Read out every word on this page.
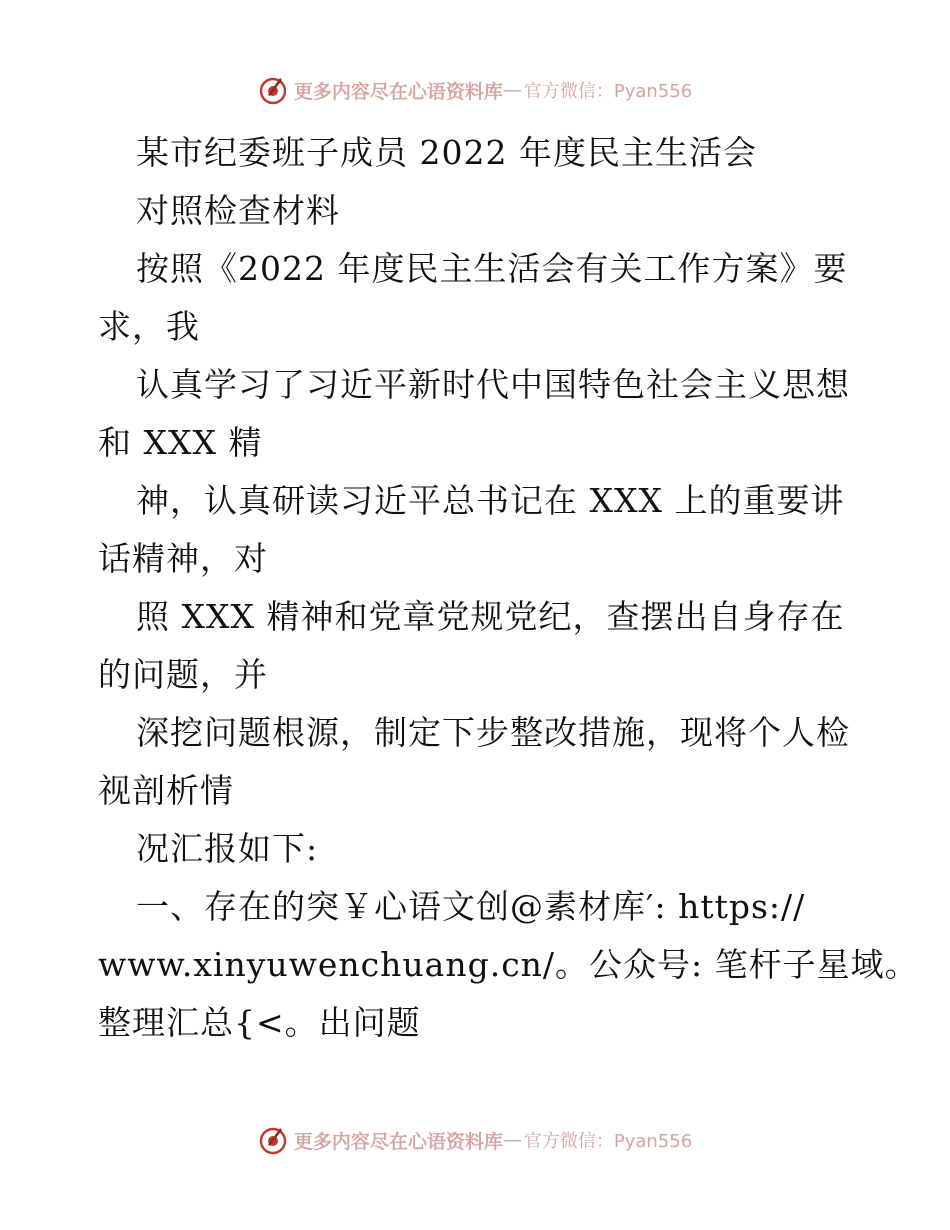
更多内容尽在心语资料库 — 官方微信：Pyan556
某市纪委班子成员 2022 年度民主生活会
对照检查材料
按照《2022 年度民主生活会有关工作方案》要
求，我
认真学习了习近平新时代中国特色社会主义思想
和 XXX 精
神，认真研读习近平总书记在 XXX 上的重要讲
话精神，对
照 XXX 精神和党章党规党纪，查摆出自身存在
的问题，并
深挖问题根源，制定下步整改措施，现将个人检
视剖析情
况汇报如下:
一、存在的突￥心语文创@素材库′: https://
www.xinyuwenchuang.cn/。公众号: 笔杆子星域。
整理汇总{<。出问题
更多内容尽在心语资料库 — 官方微信：Pyan556
